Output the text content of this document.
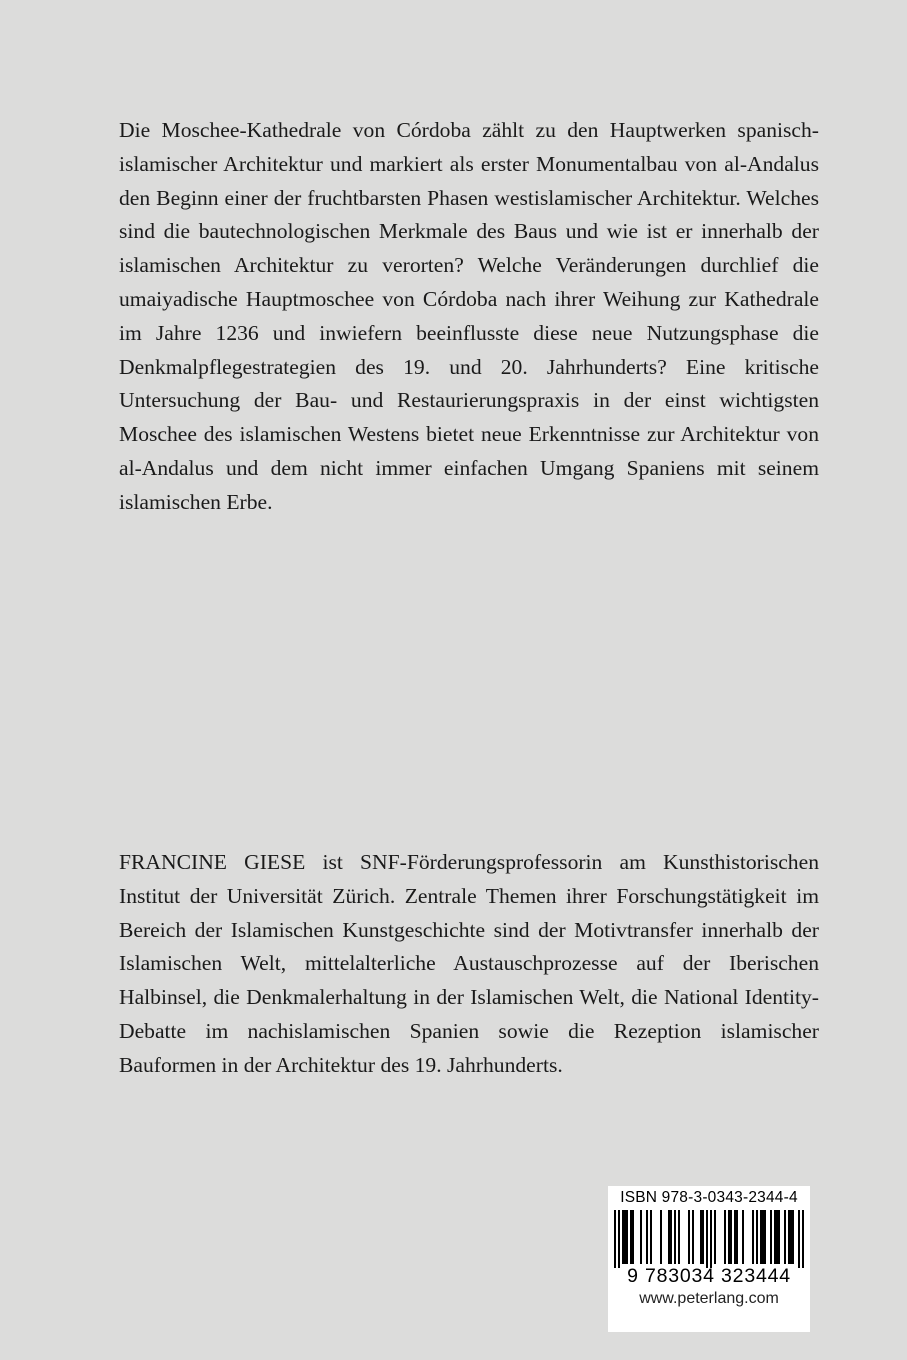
Die Moschee-Kathedrale von Córdoba zählt zu den Hauptwerken spanisch-islamischer Architektur und markiert als erster Monumentalbau von al-Andalus den Beginn einer der fruchtbarsten Phasen westislamischer Architektur. Welches sind die bautechnologischen Merkmale des Baus und wie ist er innerhalb der islamischen Architektur zu verorten? Welche Veränderungen durchlief die umaiyadische Hauptmoschee von Córdoba nach ihrer Weihung zur Kathedrale im Jahre 1236 und inwiefern beeinflusste diese neue Nutzungsphase die Denkmalpflegestrategien des 19. und 20. Jahrhunderts? Eine kritische Untersuchung der Bau- und Restaurierungspraxis in der einst wichtigsten Moschee des islamischen Westens bietet neue Erkenntnisse zur Architektur von al-Andalus und dem nicht immer einfachen Umgang Spaniens mit seinem islamischen Erbe.

FRANCINE GIESE ist SNF-Förderungsprofessorin am Kunsthistorischen Institut der Universität Zürich. Zentrale Themen ihrer Forschungstätigkeit im Bereich der Islamischen Kunstgeschichte sind der Motivtransfer innerhalb der Islamischen Welt, mittelalterliche Austauschprozesse auf der Iberischen Halbinsel, die Denkmalerhaltung in der Islamischen Welt, die National Identity-Debatte im nachislamischen Spanien sowie die Rezeption islamischer Bauformen in der Architektur des 19. Jahrhunderts.

ISBN 978-3-0343-2344-4
9 783034 323444
www.peterlang.com
